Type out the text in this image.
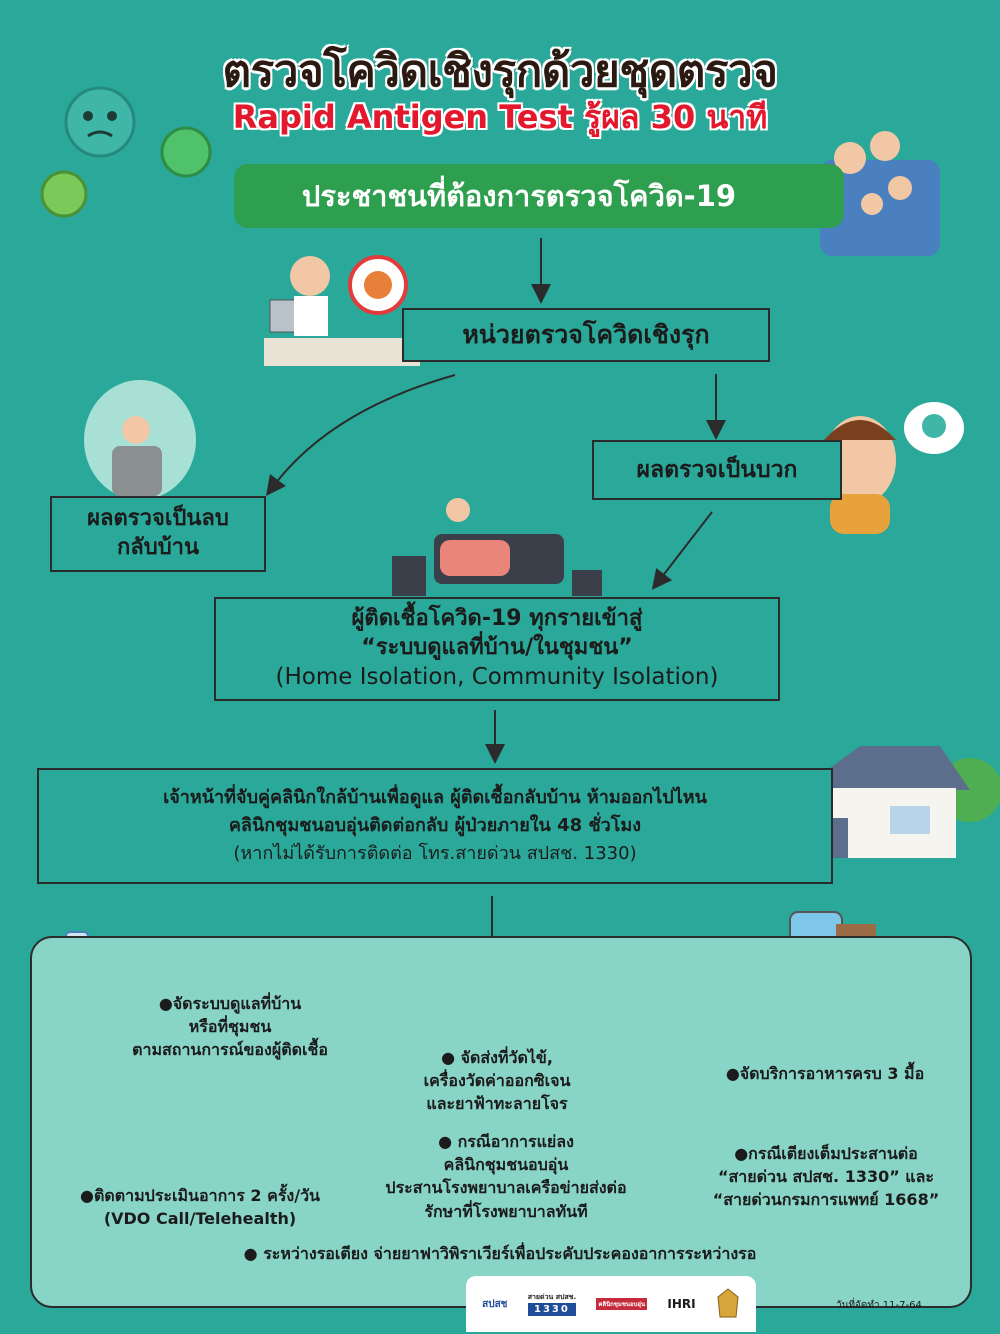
ตรวจโควิดเชิงรุกด้วยชุดตรวจ
Rapid Antigen Test รู้ผล 30 นาที
ประชาชนที่ต้องการตรวจโควิด-19
หน่วยตรวจโควิดเชิงรุก
ผลตรวจเป็นบวก
ผลตรวจเป็นลบ
กลับบ้าน
ผู้ติดเชื้อโควิด-19 ทุกรายเข้าสู่
“ระบบดูแลที่บ้าน/ในชุมชน”
(Home Isolation, Community Isolation)
เจ้าหน้าที่จับคู่คลินิกใกล้บ้านเพื่อดูแล ผู้ติดเชื้อกลับบ้าน ห้ามออกไปไหน
คลินิกชุมชนอบอุ่นติดต่อกลับ ผู้ป่วยภายใน 48 ชั่วโมง
(หากไม่ได้รับการติดต่อ โทร.สายด่วน สปสช. 1330)
●จัดระบบดูแลที่บ้าน
หรือที่ชุมชน
ตามสถานการณ์ของผู้ติดเชื้อ	● จัดส่งที่วัดไข้,
เครื่องวัดค่าออกซิเจน
และยาฟ้าทะลายโจร
●จัดบริการอาหารครบ 3 มื้อ
●ติดตามประเมินอาการ 2 ครั้ง/วัน
(VDO Call/Telehealth)
● กรณีอาการแย่ลง
คลินิกชุมชนอบอุ่น
ประสานโรงพยาบาลเครือข่ายส่งต่อ
รักษาที่โรงพยาบาลทันที
●กรณีเตียงเต็มประสานต่อ
“สายด่วน สปสช. 1330” และ
“สายด่วนกรมการแพทย์ 1668”
● ระหว่างรอเตียง จ่ายยาฟาวิพิราเวียร์เพื่อประคับประคองอาการระหว่างรอ
สปสช
สายด่วน สปสช.
1330	คลินิกชุมชนอบอุ่น IHRI	วันที่จัดทำ 11-7-64
